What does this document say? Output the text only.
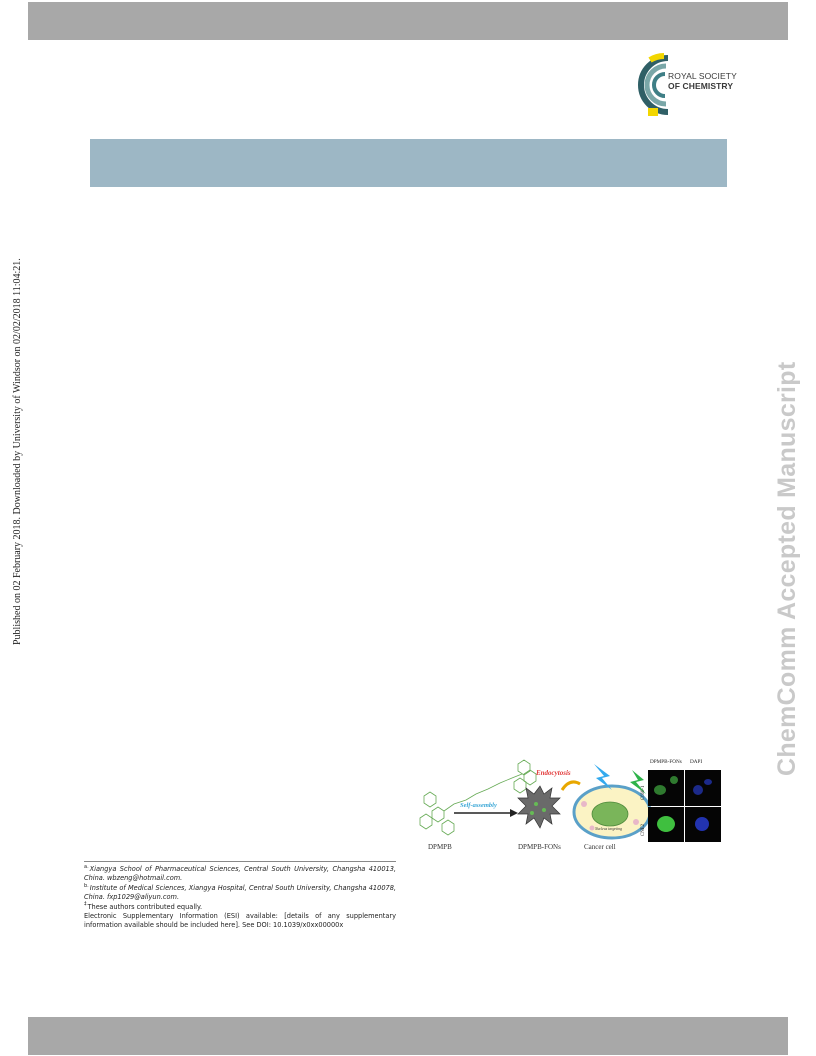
ROYAL SOCIETY
OF CHEMISTRY
Published on 02 February 2018. Downloaded by University of Windsor on 02/02/2018 11:04:21.	ChemComm Accepted Manuscript
DPMPB
Self-assembly
DPMPB-FONs
Endocytosis
Nucleus targeting
Cancer cell
DPMPB-FONs DAPI
C666-1
CNE2

$^{a.}$Xiangya School of Pharmaceutical Sciences, Central South University, Changsha 410013, China. wbzeng@hotmail.com.

$^{b.}$Institute of Medical Sciences, Xiangya Hospital, Central South University, Changsha 410078, China. fxp1029@aliyun.com.

‡These authors contributed equally.

Electronic Supplementary Information (ESI) available: [details of any supplementary information available should be included here]. See DOI: 10.1039/x0xx00000x
